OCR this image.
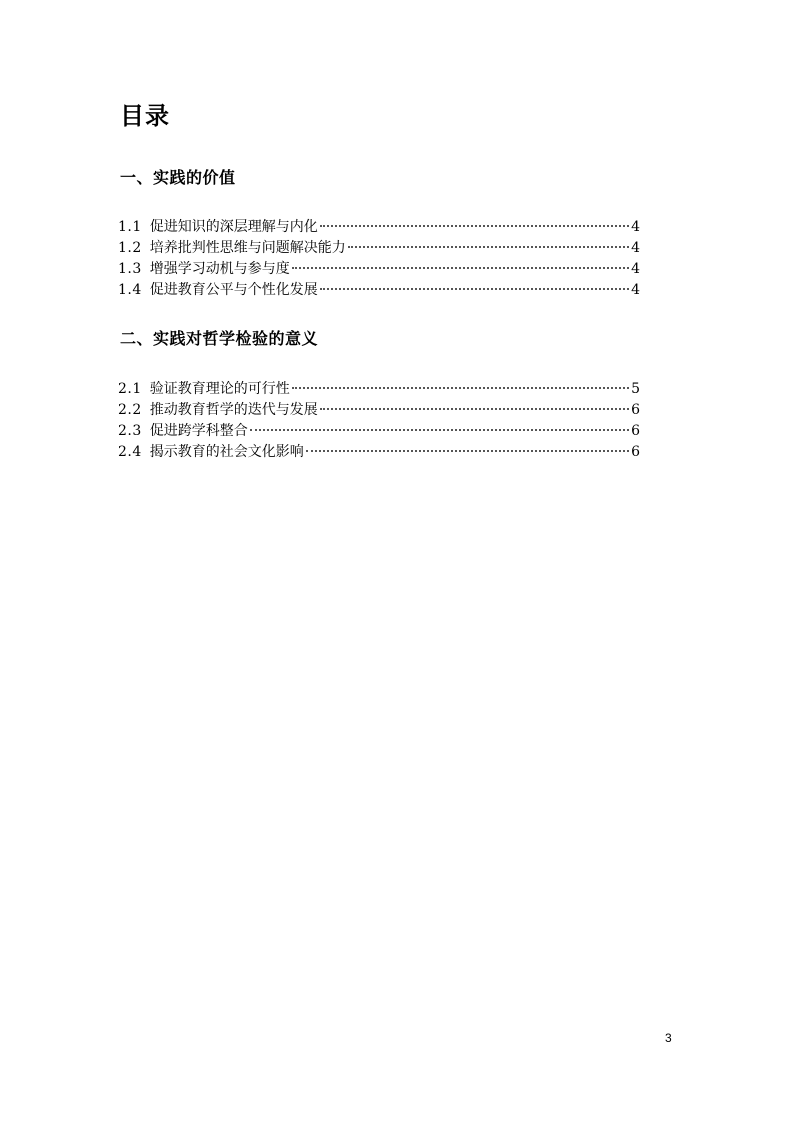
目录
一、实践的价值
1.1 促进知识的深层理解与内化	4
1.2 培养批判性思维与问题解决能力	4
1.3 增强学习动机与参与度	4
1.4 促进教育公平与个性化发展	4
二、实践对哲学检验的意义
2.1 验证教育理论的可行性	5
2.2 推动教育哲学的迭代与发展	6
2.3 促进跨学科整合	6
2.4 揭示教育的社会文化影响	6
3
